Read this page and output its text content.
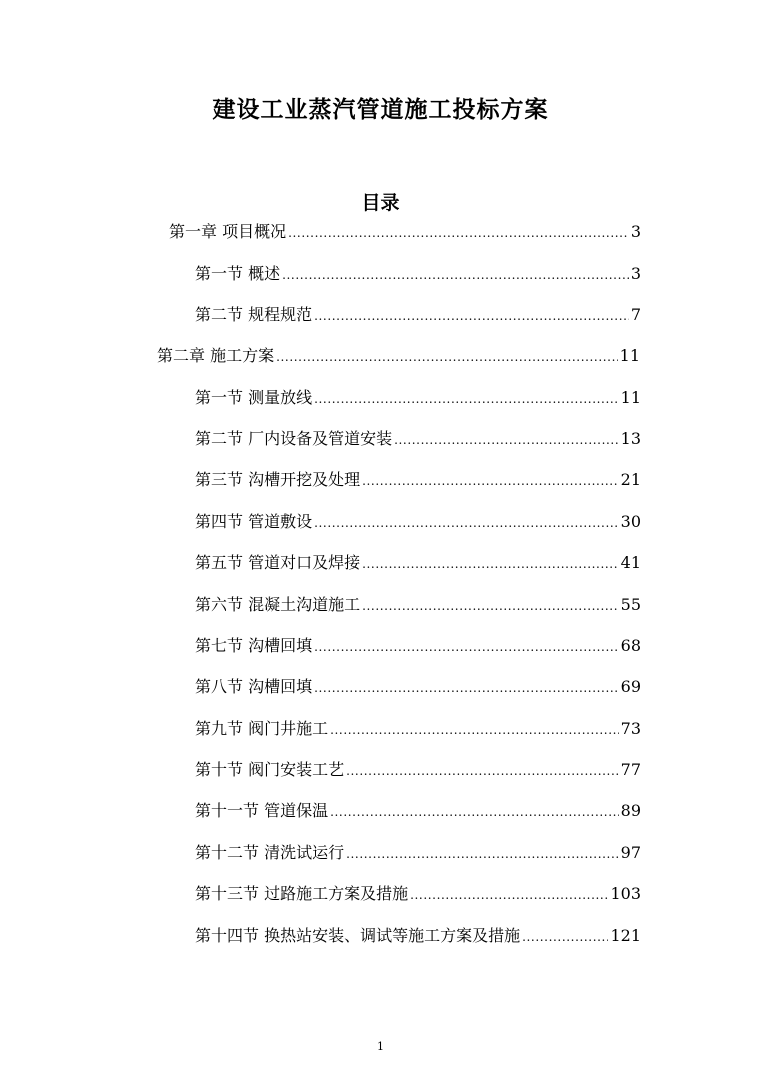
建设工业蒸汽管道施工投标方案
目录
第一章 项目概况 .....	3
第一节 概述 .....	3
第二节 规程规范 .....	7
第二章 施工方案 .....	11
第一节 测量放线 .....	11
第二节 厂内设备及管道安装 .....	13
第三节 沟槽开挖及处理 .....	21
第四节 管道敷设 .....	30
第五节 管道对口及焊接 .....	41
第六节 混凝土沟道施工 .....	55
第七节 沟槽回填 .....	68
第八节 沟槽回填 .....	69
第九节 阀门井施工 .....	73
第十节 阀门安装工艺 .....	77
第十一节 管道保温 .....	89
第十二节 清洗试运行 .....	97
第十三节 过路施工方案及措施 .....	103
第十四节 换热站安装、调试等施工方案及措施 .....	121
1
